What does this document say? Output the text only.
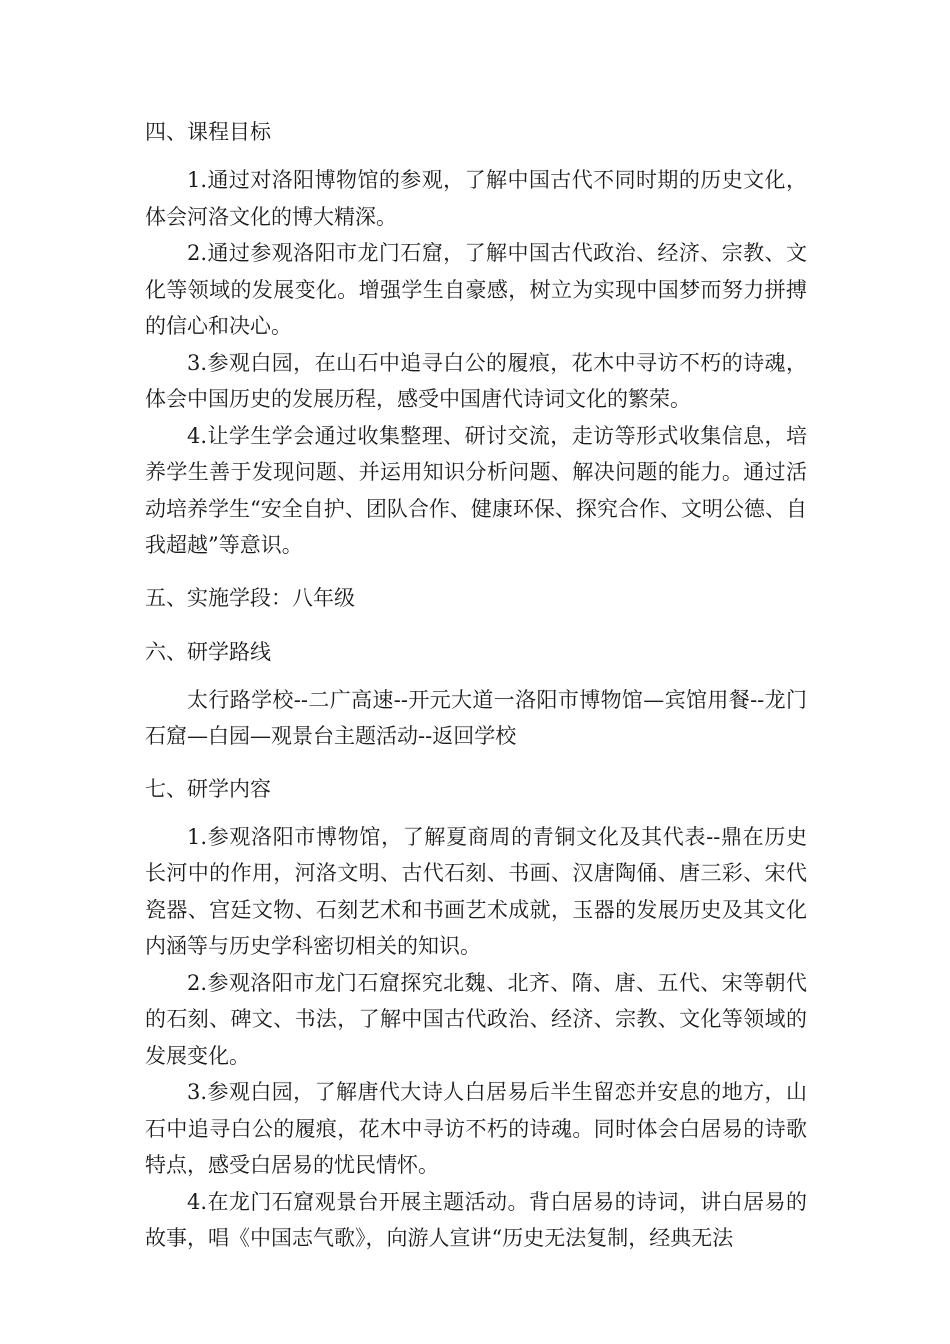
四、课程目标

1.通过对洛阳博物馆的参观，了解中国古代不同时期的历史文化，体会河洛文化的博大精深。

2.通过参观洛阳市龙门石窟，了解中国古代政治、经济、宗教、文化等领域的发展变化。增强学生自豪感，树立为实现中国梦而努力拼搏的信心和决心。

3.参观白园，在山石中追寻白公的履痕，花木中寻访不朽的诗魂，体会中国历史的发展历程，感受中国唐代诗词文化的繁荣。

4.让学生学会通过收集整理、研讨交流，走访等形式收集信息，培养学生善于发现问题、并运用知识分析问题、解决问题的能力。通过活动培养学生“安全自护、团队合作、健康环保、探究合作、文明公德、自我超越”等意识。

五、实施学段：八年级
六、研学路线

太行路学校--二广高速--开元大道一洛阳市博物馆—宾馆用餐--龙门石窟—白园—观景台主题活动--返回学校

七、研学内容

1.参观洛阳市博物馆，了解夏商周的青铜文化及其代表--鼎在历史长河中的作用，河洛文明、古代石刻、书画、汉唐陶俑、唐三彩、宋代瓷器、宫廷文物、石刻艺术和书画艺术成就，玉器的发展历史及其文化内涵等与历史学科密切相关的知识。

2.参观洛阳市龙门石窟探究北魏、北齐、隋、唐、五代、宋等朝代的石刻、碑文、书法，了解中国古代政治、经济、宗教、文化等领域的发展变化。

3.参观白园，了解唐代大诗人白居易后半生留恋并安息的地方，山石中追寻白公的履痕，花木中寻访不朽的诗魂。同时体会白居易的诗歌特点，感受白居易的忧民情怀。

4.在龙门石窟观景台开展主题活动。背白居易的诗词，讲白居易的故事，唱《中国志气歌》，向游人宣讲“历史无法复制，经典无法
